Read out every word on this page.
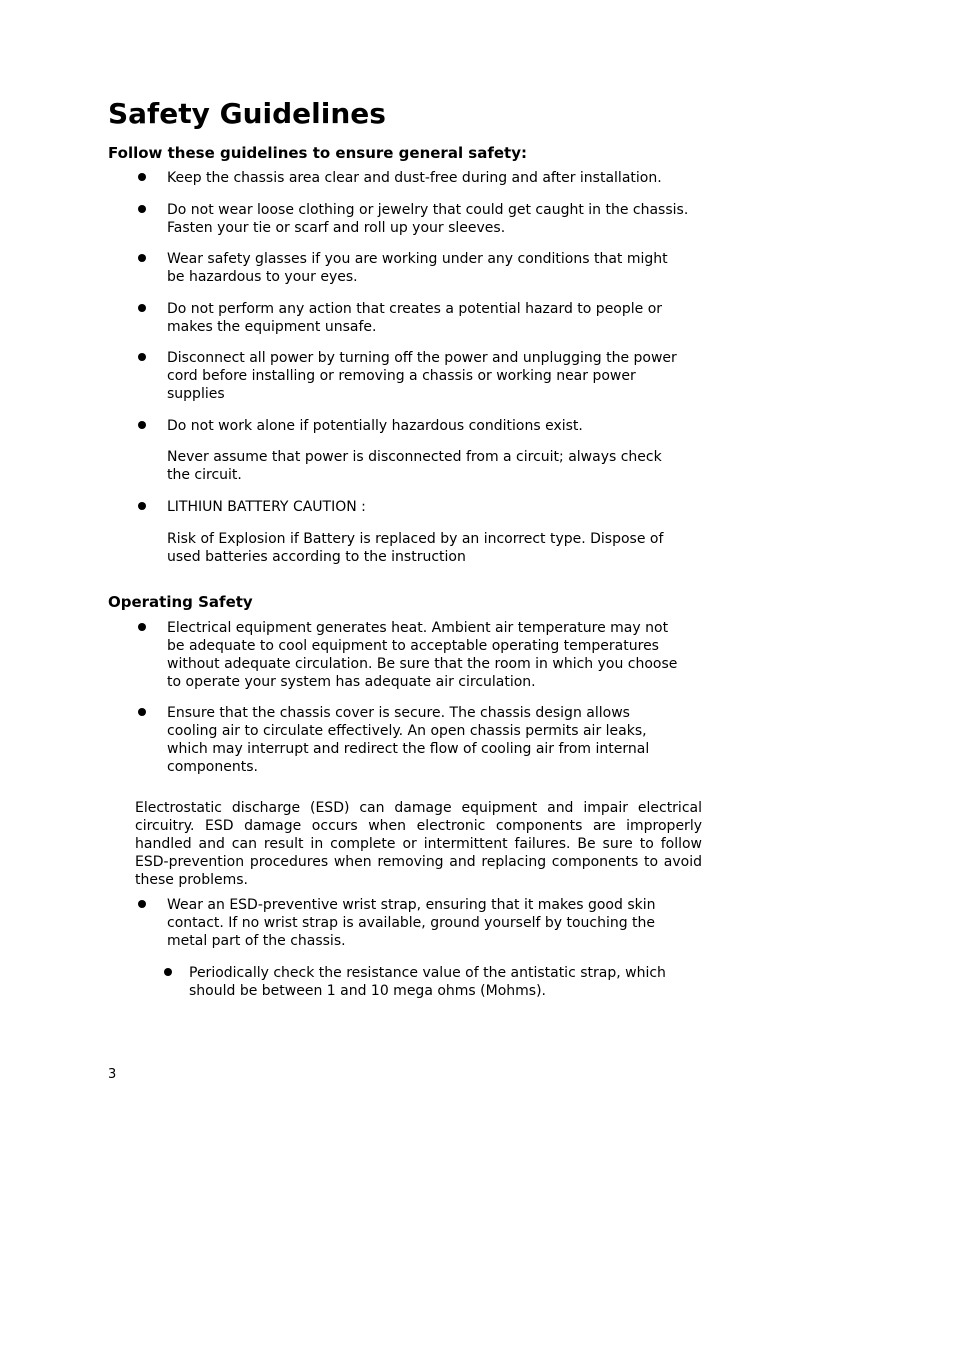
Safety Guidelines
Follow these guidelines to ensure general safety:
Keep the chassis area clear and dust-free during and after installation.
Do not wear loose clothing or jewelry that could get caught in the chassis.
Fasten your tie or scarf and roll up your sleeves.
Wear safety glasses if you are working under any conditions that might
be hazardous to your eyes.
Do not perform any action that creates a potential hazard to people or
makes the equipment unsafe.
Disconnect all power by turning off the power and unplugging the power
cord before installing or removing a chassis or working near power
supplies
Do not work alone if potentially hazardous conditions exist.
Never assume that power is disconnected from a circuit; always check
the circuit.
LITHIUN BATTERY CAUTION :
Risk of Explosion if Battery is replaced by an incorrect type. Dispose of
used batteries according to the instruction
Operating Safety
Electrical equipment generates heat. Ambient air temperature may not
be adequate to cool equipment to acceptable operating temperatures
without adequate circulation. Be sure that the room in which you choose
to operate your system has adequate air circulation.
Ensure that the chassis cover is secure. The chassis design allows
cooling air to circulate effectively. An open chassis permits air leaks,
which may interrupt and redirect the flow of cooling air from internal
components.

Electrostatic discharge (ESD) can damage equipment and impair electrical circuitry. ESD damage occurs when electronic components are improperly handled and can result in complete or intermittent failures. Be sure to follow ESD-prevention procedures when removing and replacing components to avoid these problems.

Wear an ESD-preventive wrist strap, ensuring that it makes good skin
contact. If no wrist strap is available, ground yourself by touching the
metal part of the chassis.
Periodically check the resistance value of the antistatic strap, which
should be between 1 and 10 mega ohms (Mohms).
3
